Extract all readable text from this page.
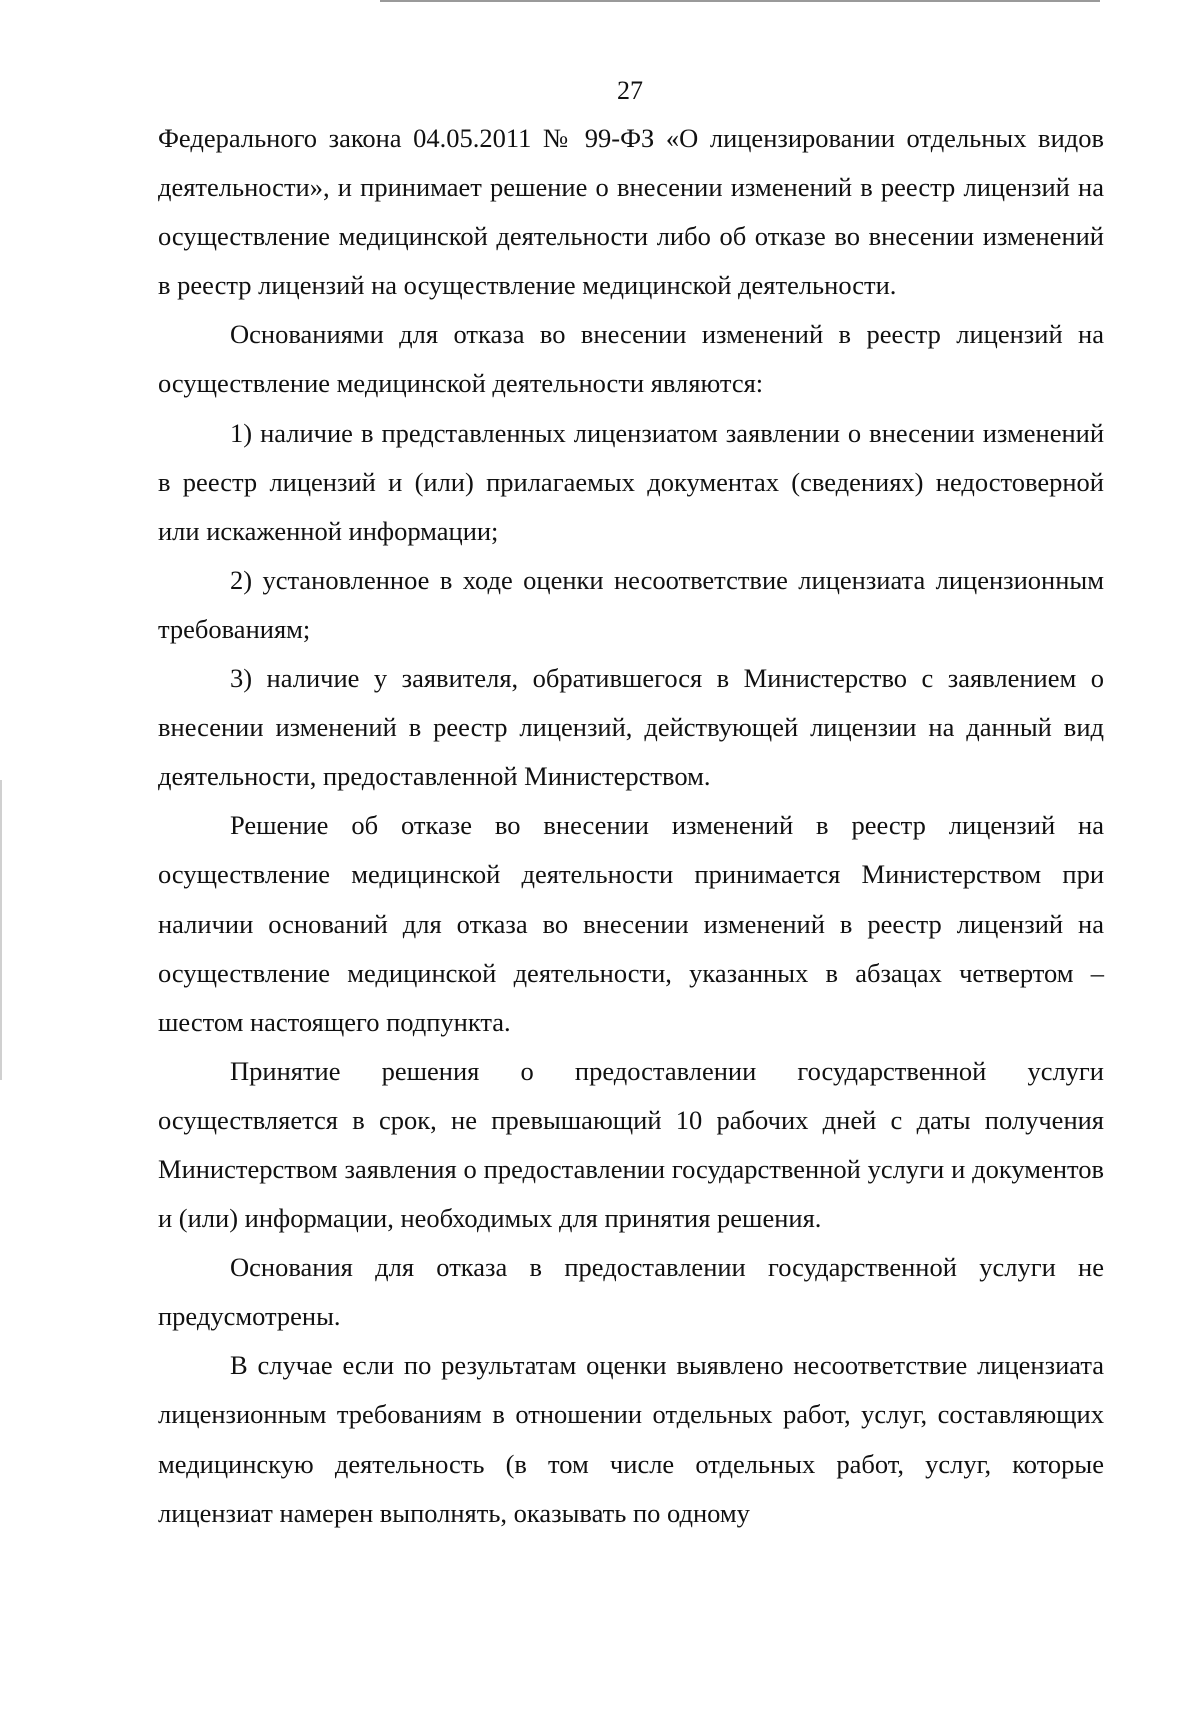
27

Федерального закона 04.05.2011 № 99-ФЗ «О лицензировании отдельных видов деятельности», и принимает решение о внесении изменений в реестр лицензий на осуществление медицинской деятельности либо об отказе во внесении изменений в реестр лицензий на осуществление медицинской деятельности.

Основаниями для отказа во внесении изменений в реестр лицензий на осуществление медицинской деятельности являются:

1) наличие в представленных лицензиатом заявлении о внесении изменений в реестр лицензий и (или) прилагаемых документах (сведениях) недостоверной или искаженной информации;

2) установленное в ходе оценки несоответствие лицензиата лицензионным требованиям;

3) наличие у заявителя, обратившегося в Министерство с заявлением о внесении изменений в реестр лицензий, действующей лицензии на данный вид деятельности, предоставленной Министерством.

Решение об отказе во внесении изменений в реестр лицензий на осуществление медицинской деятельности принимается Министерством при наличии оснований для отказа во внесении изменений в реестр лицензий на осуществление медицинской деятельности, указанных в абзацах четвертом – шестом настоящего подпункта.

Принятие решения о предоставлении государственной услуги осуществляется в срок, не превышающий 10 рабочих дней с даты получения Министерством заявления о предоставлении государственной услуги и документов и (или) информации, необходимых для принятия решения.

Основания для отказа в предоставлении государственной услуги не предусмотрены.

В случае если по результатам оценки выявлено несоответствие лицензиата лицензионным требованиям в отношении отдельных работ, услуг, составляющих медицинскую деятельность (в том числе отдельных работ, услуг, которые лицензиат намерен выполнять, оказывать по одному
